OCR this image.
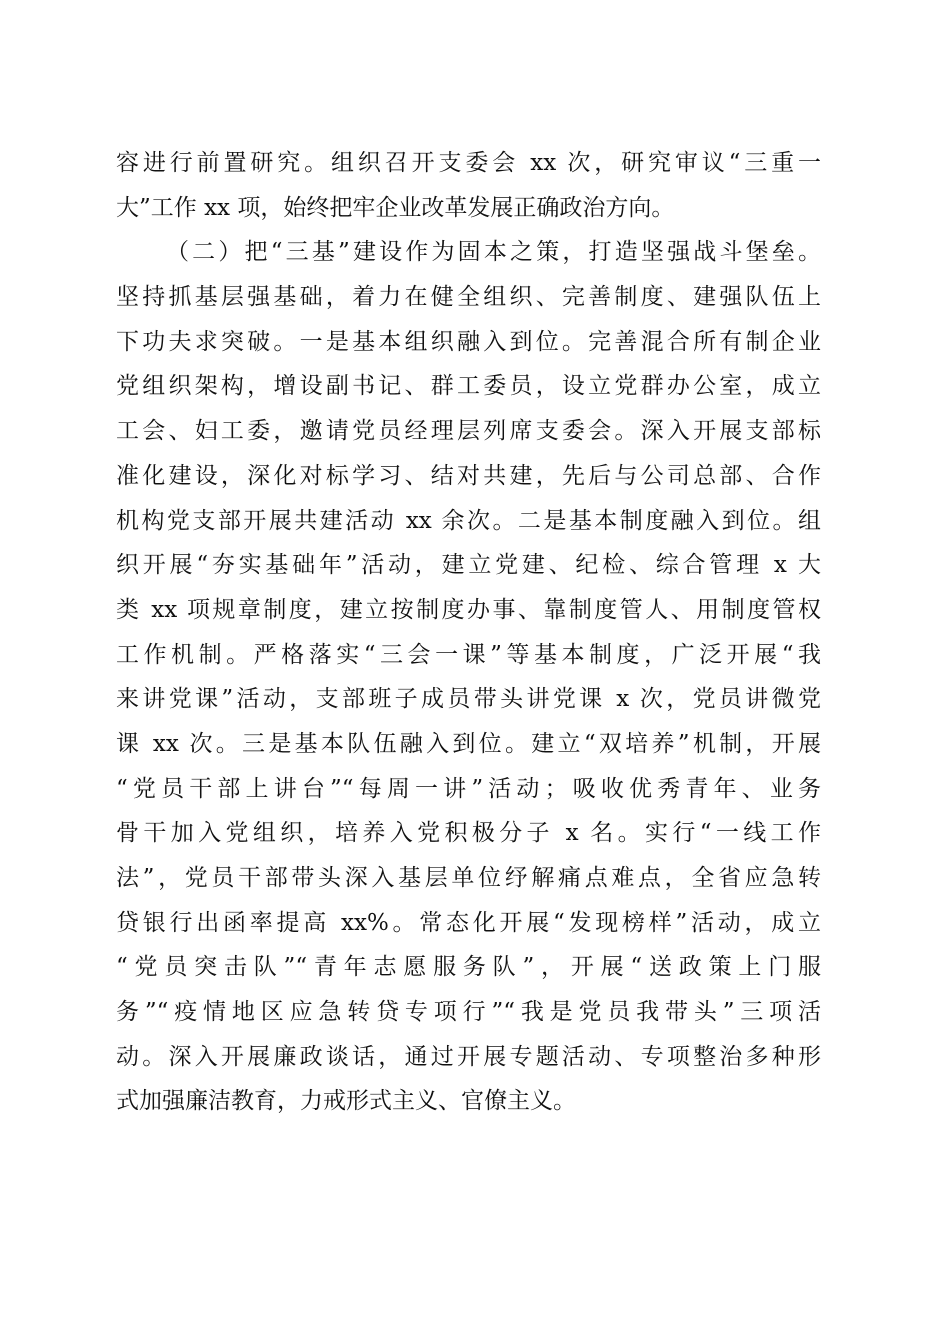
容进行前置研究。组织召开支委会 xx 次，研究审议“三重一
大”工作 xx 项，始终把牢企业改革发展正确政治方向。
（二）把“三基”建设作为固本之策，打造坚强战斗堡垒。
坚持抓基层强基础，着力在健全组织、完善制度、建强队伍上
下功夫求突破。一是基本组织融入到位。完善混合所有制企业
党组织架构，增设副书记、群工委员，设立党群办公室，成立
工会、妇工委，邀请党员经理层列席支委会。深入开展支部标
准化建设，深化对标学习、结对共建，先后与公司总部、合作
机构党支部开展共建活动 xx 余次。二是基本制度融入到位。组
织开展“夯实基础年”活动，建立党建、纪检、综合管理 x 大
类 xx 项规章制度，建立按制度办事、靠制度管人、用制度管权
工作机制。严格落实“三会一课”等基本制度，广泛开展“我
来讲党课”活动，支部班子成员带头讲党课 x 次，党员讲微党
课 xx 次。三是基本队伍融入到位。建立“双培养”机制，开展
“党员干部上讲台”“每周一讲”活动；吸收优秀青年、业务
骨干加入党组织，培养入党积极分子 x 名。实行“一线工作
法”，党员干部带头深入基层单位纾解痛点难点，全省应急转
贷银行出函率提高 xx%。常态化开展“发现榜样”活动，成立
“党员突击队”“青年志愿服务队”，开展“送政策上门服
务”“疫情地区应急转贷专项行”“我是党员我带头”三项活
动。深入开展廉政谈话，通过开展专题活动、专项整治多种形
式加强廉洁教育，力戒形式主义、官僚主义。
